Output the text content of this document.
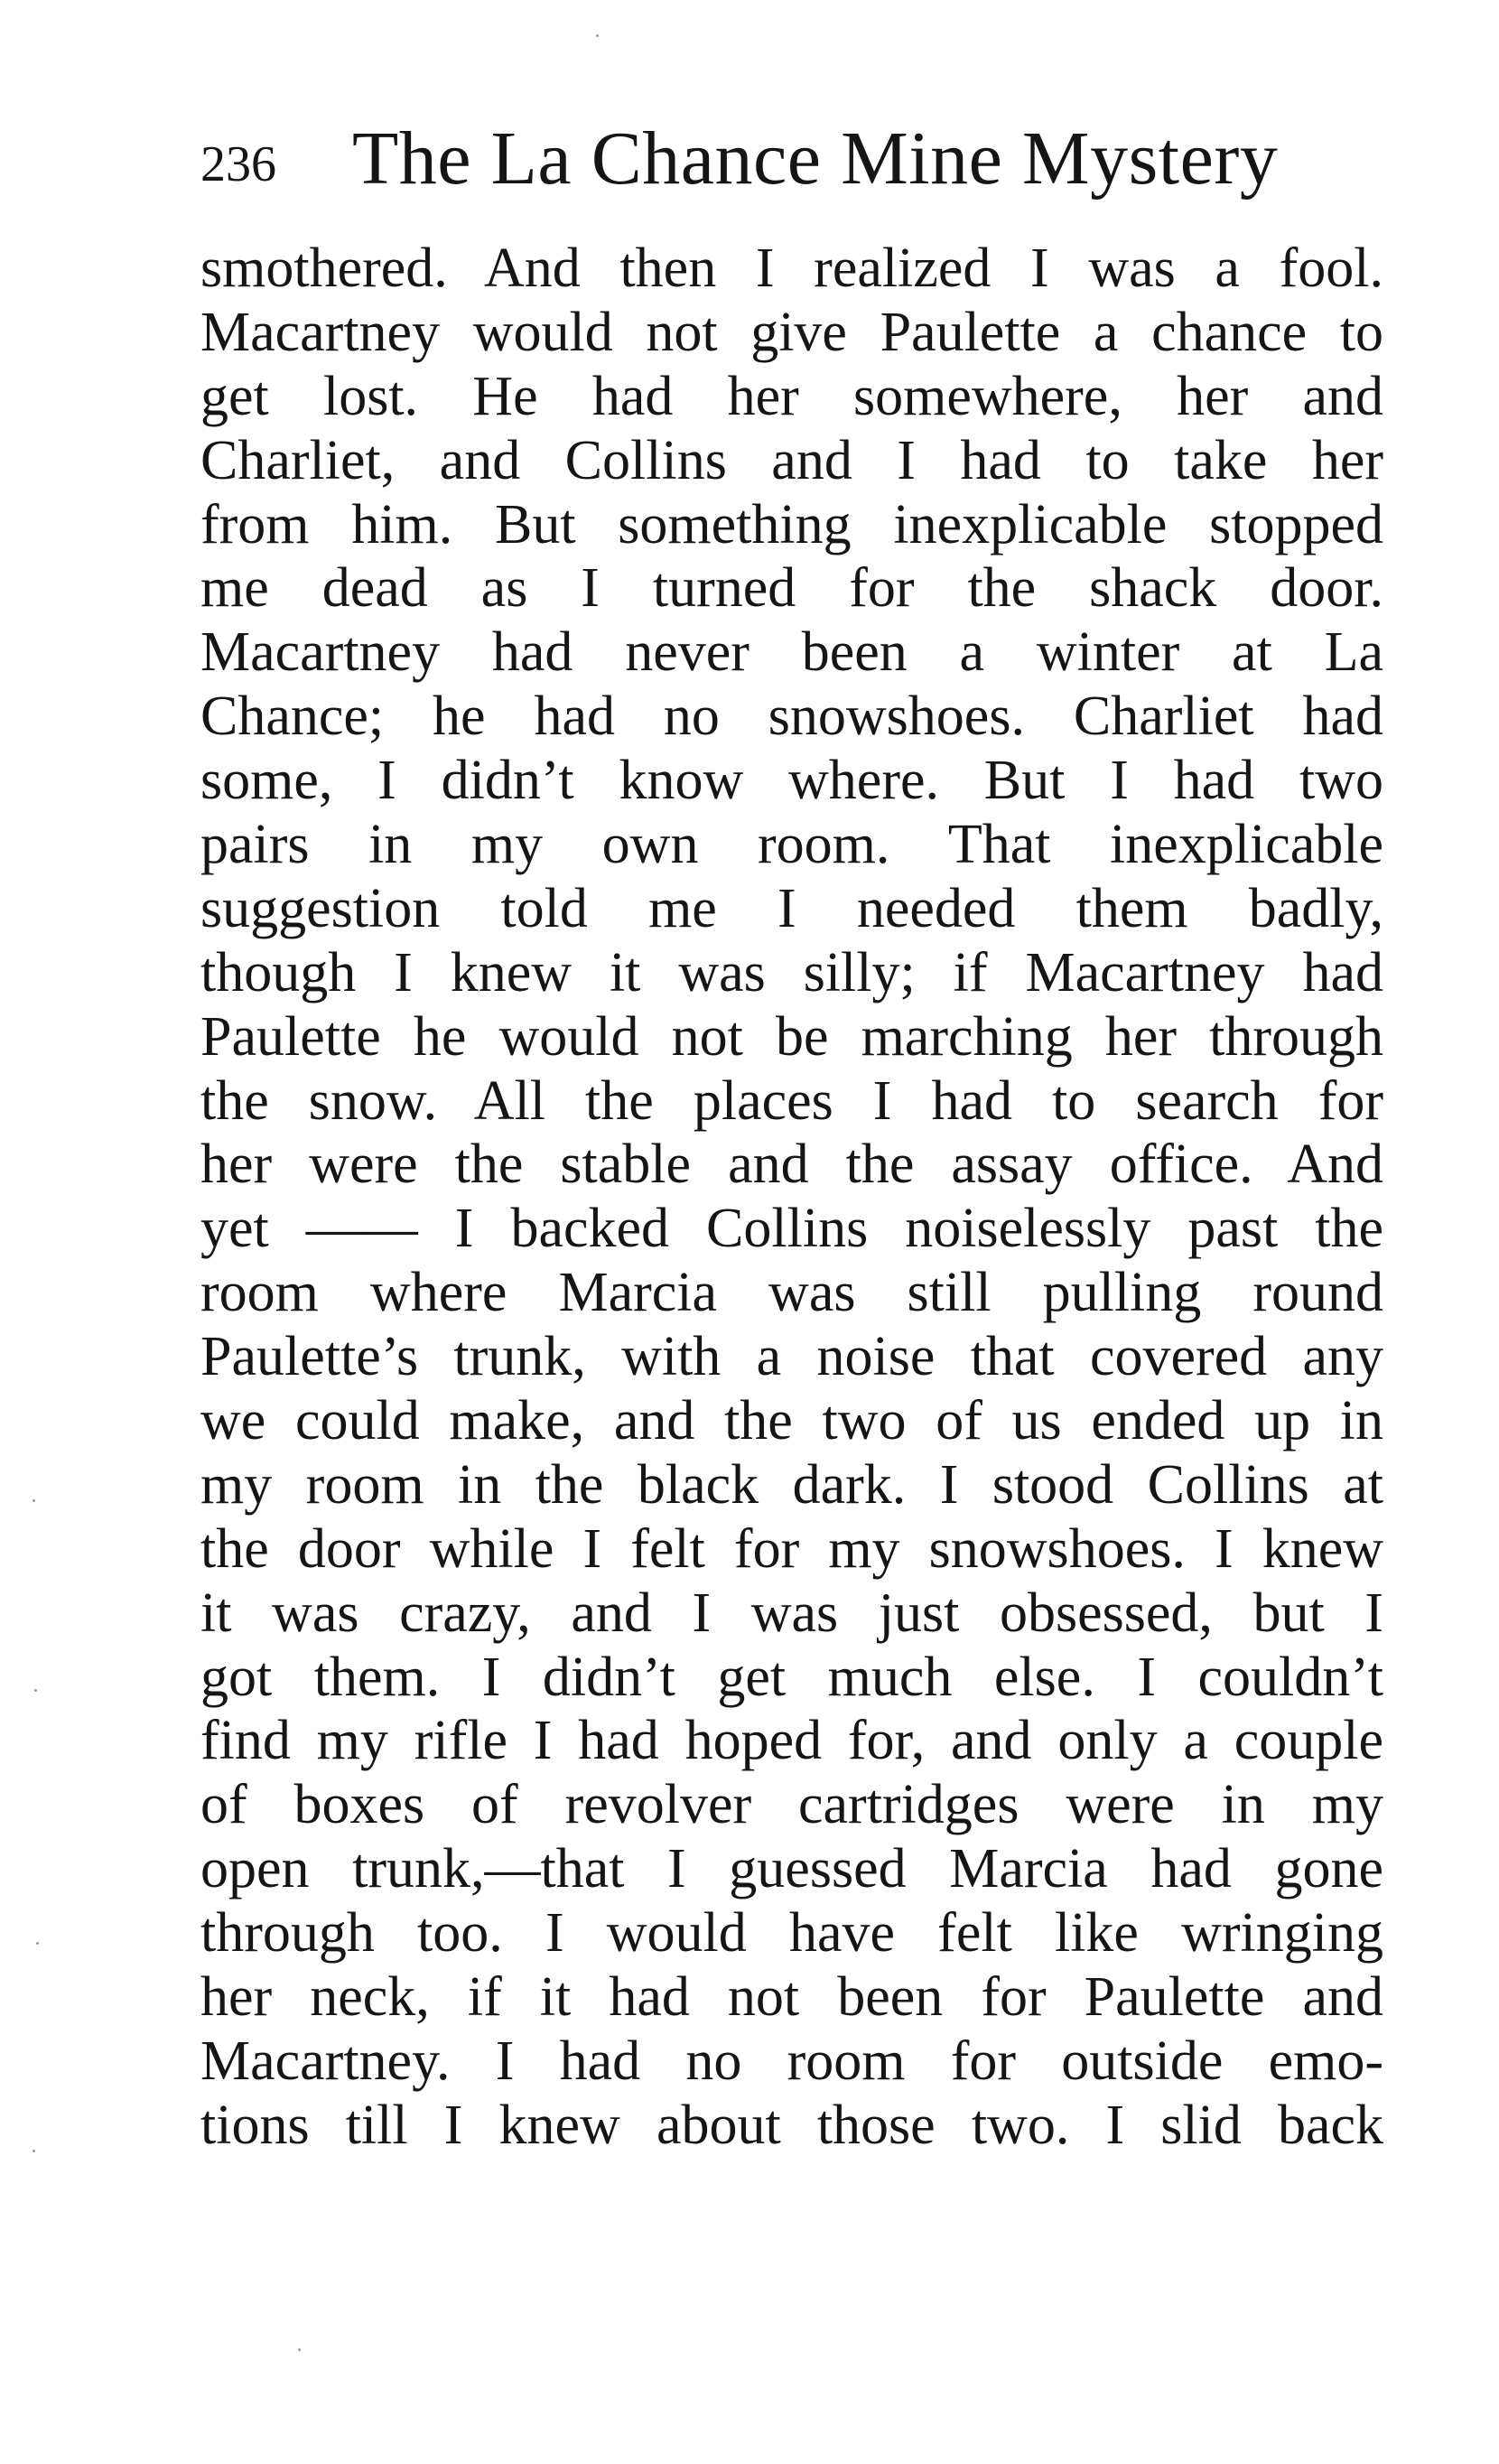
236 The La Chance Mine Mystery
smothered. And then I realized I was a fool.
Macartney would not give Paulette a chance to
get lost. He had her somewhere, her and
Charliet, and Collins and I had to take her
from him. But something inexplicable stopped
me dead as I turned for the shack door.
Macartney had never been a winter at La
Chance; he had no snowshoes. Charliet had
some, I didn’t know where. But I had two
pairs in my own room. That inexplicable
suggestion told me I needed them badly,
though I knew it was silly; if Macartney had
Paulette he would not be marching her through
the snow. All the places I had to search for
her were the stable and the assay office. And
yet —— I backed Collins noiselessly past the
room where Marcia was still pulling round
Paulette’s trunk, with a noise that covered any
we could make, and the two of us ended up in
my room in the black dark. I stood Collins at
the door while I felt for my snowshoes. I knew
it was crazy, and I was just obsessed, but I
got them. I didn’t get much else. I couldn’t
find my rifle I had hoped for, and only a couple
of boxes of revolver cartridges were in my
open trunk,—that I guessed Marcia had gone
through too. I would have felt like wringing
her neck, if it had not been for Paulette and
Macartney. I had no room for outside emo-
tions till I knew about those two. I slid back
